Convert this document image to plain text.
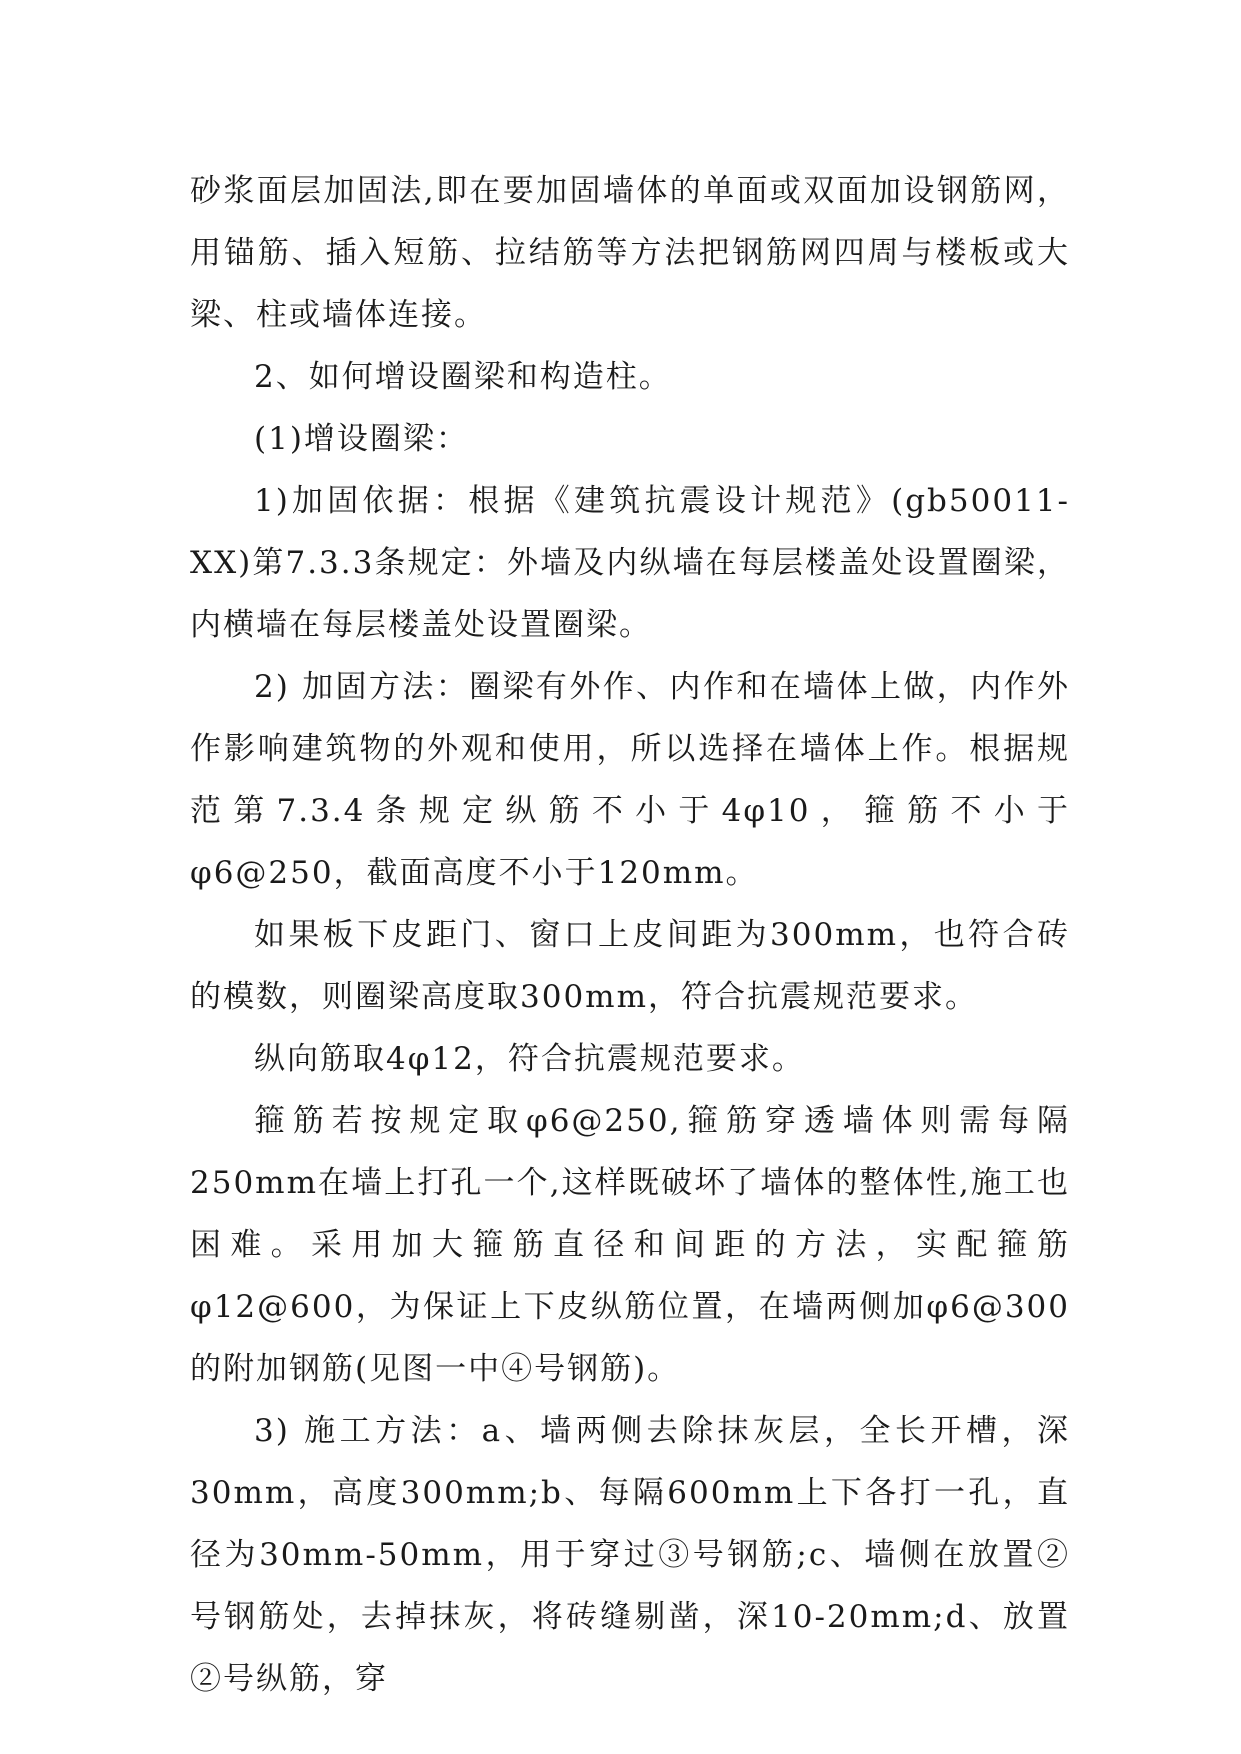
砂浆面层加固法,即在要加固墙体的单面或双面加设钢筋网，用锚筋、插入短筋、拉结筋等方法把钢筋网四周与楼板或大梁、柱或墙体连接。

2、如何增设圈梁和构造柱。

(1)增设圈梁：

1)加固依据：根据《建筑抗震设计规范》(gb50011-XX)第7.3.3条规定：外墙及内纵墙在每层楼盖处设置圈梁，内横墙在每层楼盖处设置圈梁。

2) 加固方法：圈梁有外作、内作和在墙体上做，内作外作影响建筑物的外观和使用，所以选择在墙体上作。根据规范第7.3.4条规定纵筋不小于4φ10，箍筋不小于φ6@250，截面高度不小于120mm。

如果板下皮距门、窗口上皮间距为300mm，也符合砖的模数，则圈梁高度取300mm，符合抗震规范要求。

纵向筋取4φ12，符合抗震规范要求。

箍筋若按规定取φ6@250,箍筋穿透墙体则需每隔250mm在墙上打孔一个,这样既破坏了墙体的整体性,施工也困难。采用加大箍筋直径和间距的方法，实配箍筋φ12@600，为保证上下皮纵筋位置，在墙两侧加φ6@300的附加钢筋(见图一中④号钢筋)。

3) 施工方法：a、墙两侧去除抹灰层，全长开槽，深30mm，高度300mm;b、每隔600mm上下各打一孔，直径为30mm-50mm，用于穿过③号钢筋;c、墙侧在放置②号钢筋处，去掉抹灰，将砖缝剔凿，深10-20mm;d、放置②号纵筋，穿
